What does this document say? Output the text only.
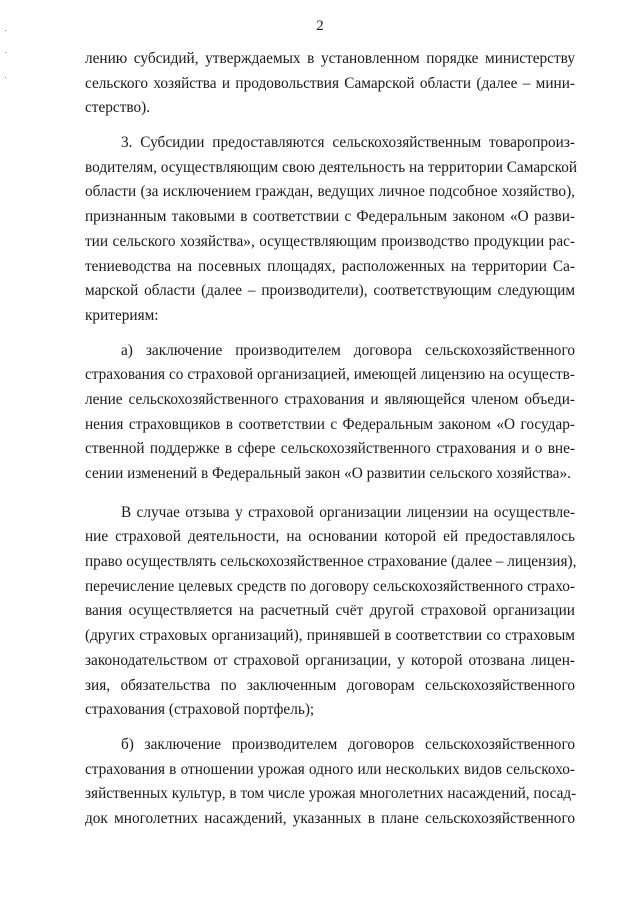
2
лению субсидий, утверждаемых в установленном порядке министерству
сельского хозяйства и продовольствия Самарской области (далее – мини-
стерство).
3. Субсидии предоставляются сельскохозяйственным товаропроиз-
водителям, осуществляющим свою деятельность на территории Самарской
области (за исключением граждан, ведущих личное подсобное хозяйство),
признанным таковыми в соответствии с Федеральным законом «О разви-
тии сельского хозяйства», осуществляющим производство продукции рас-
тениеводства на посевных площадях, расположенных на территории Са-
марской области (далее – производители), соответствующим следующим
критериям:
а) заключение производителем договора сельскохозяйственного
страхования со страховой организацией, имеющей лицензию на осуществ-
ление сельскохозяйственного страхования и являющейся членом объеди-
нения страховщиков в соответствии с Федеральным законом «О государ-
ственной поддержке в сфере сельскохозяйственного страхования и о вне-
сении изменений в Федеральный закон «О развитии сельского хозяйства».
В случае отзыва у страховой организации лицензии на осуществле-
ние страховой деятельности, на основании которой ей предоставлялось
право осуществлять сельскохозяйственное страхование (далее – лицензия),
перечисление целевых средств по договору сельскохозяйственного страхо-
вания осуществляется на расчетный счёт другой страховой организации
(других страховых организаций), принявшей в соответствии со страховым
законодательством от страховой организации, у которой отозвана лицен-
зия, обязательства по заключенным договорам сельскохозяйственного
страхования (страховой портфель);
б) заключение производителем договоров сельскохозяйственного
страхования в отношении урожая одного или нескольких видов сельскохо-
зяйственных культур, в том числе урожая многолетних насаждений, посад-
док многолетних насаждений, указанных в плане сельскохозяйственного
